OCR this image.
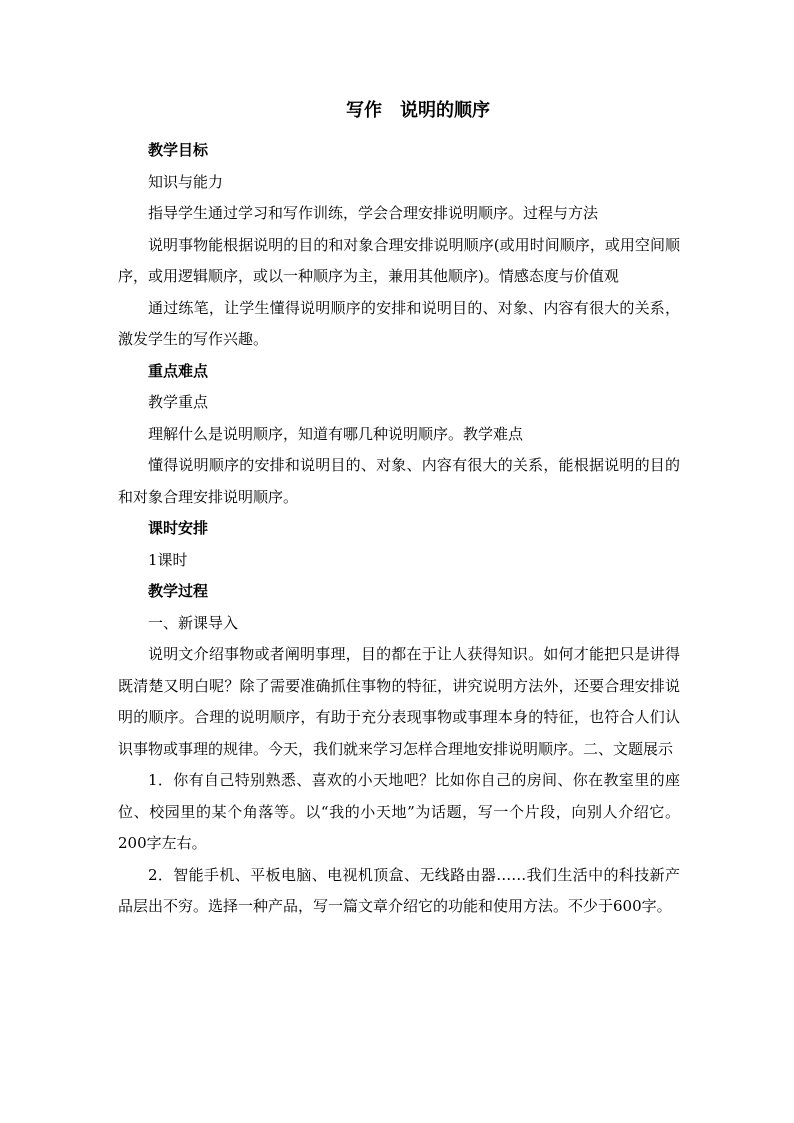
写作　说明的顺序

教学目标

知识与能力

指导学生通过学习和写作训练，学会合理安排说明顺序。过程与方法

说明事物能根据说明的目的和对象合理安排说明顺序(或用时间顺序，或用空间顺序，或用逻辑顺序，或以一种顺序为主，兼用其他顺序)。情感态度与价值观

通过练笔，让学生懂得说明顺序的安排和说明目的、对象、内容有很大的关系，激发学生的写作兴趣。

重点难点

教学重点

理解什么是说明顺序，知道有哪几种说明顺序。教学难点

懂得说明顺序的安排和说明目的、对象、内容有很大的关系，能根据说明的目的和对象合理安排说明顺序。

课时安排

1课时

教学过程

一、新课导入

说明文介绍事物或者阐明事理，目的都在于让人获得知识。如何才能把只是讲得既清楚又明白呢？除了需要准确抓住事物的特征，讲究说明方法外，还要合理安排说明的顺序。合理的说明顺序，有助于充分表现事物或事理本身的特征，也符合人们认识事物或事理的规律。今天，我们就来学习怎样合理地安排说明顺序。二、文题展示

1．你有自己特别熟悉、喜欢的小天地吧？比如你自己的房间、你在教室里的座位、校园里的某个角落等。以“我的小天地”为话题，写一个片段，向别人介绍它。200字左右。

2．智能手机、平板电脑、电视机顶盒、无线路由器……我们生活中的科技新产品层出不穷。选择一种产品，写一篇文章介绍它的功能和使用方法。不少于600字。
